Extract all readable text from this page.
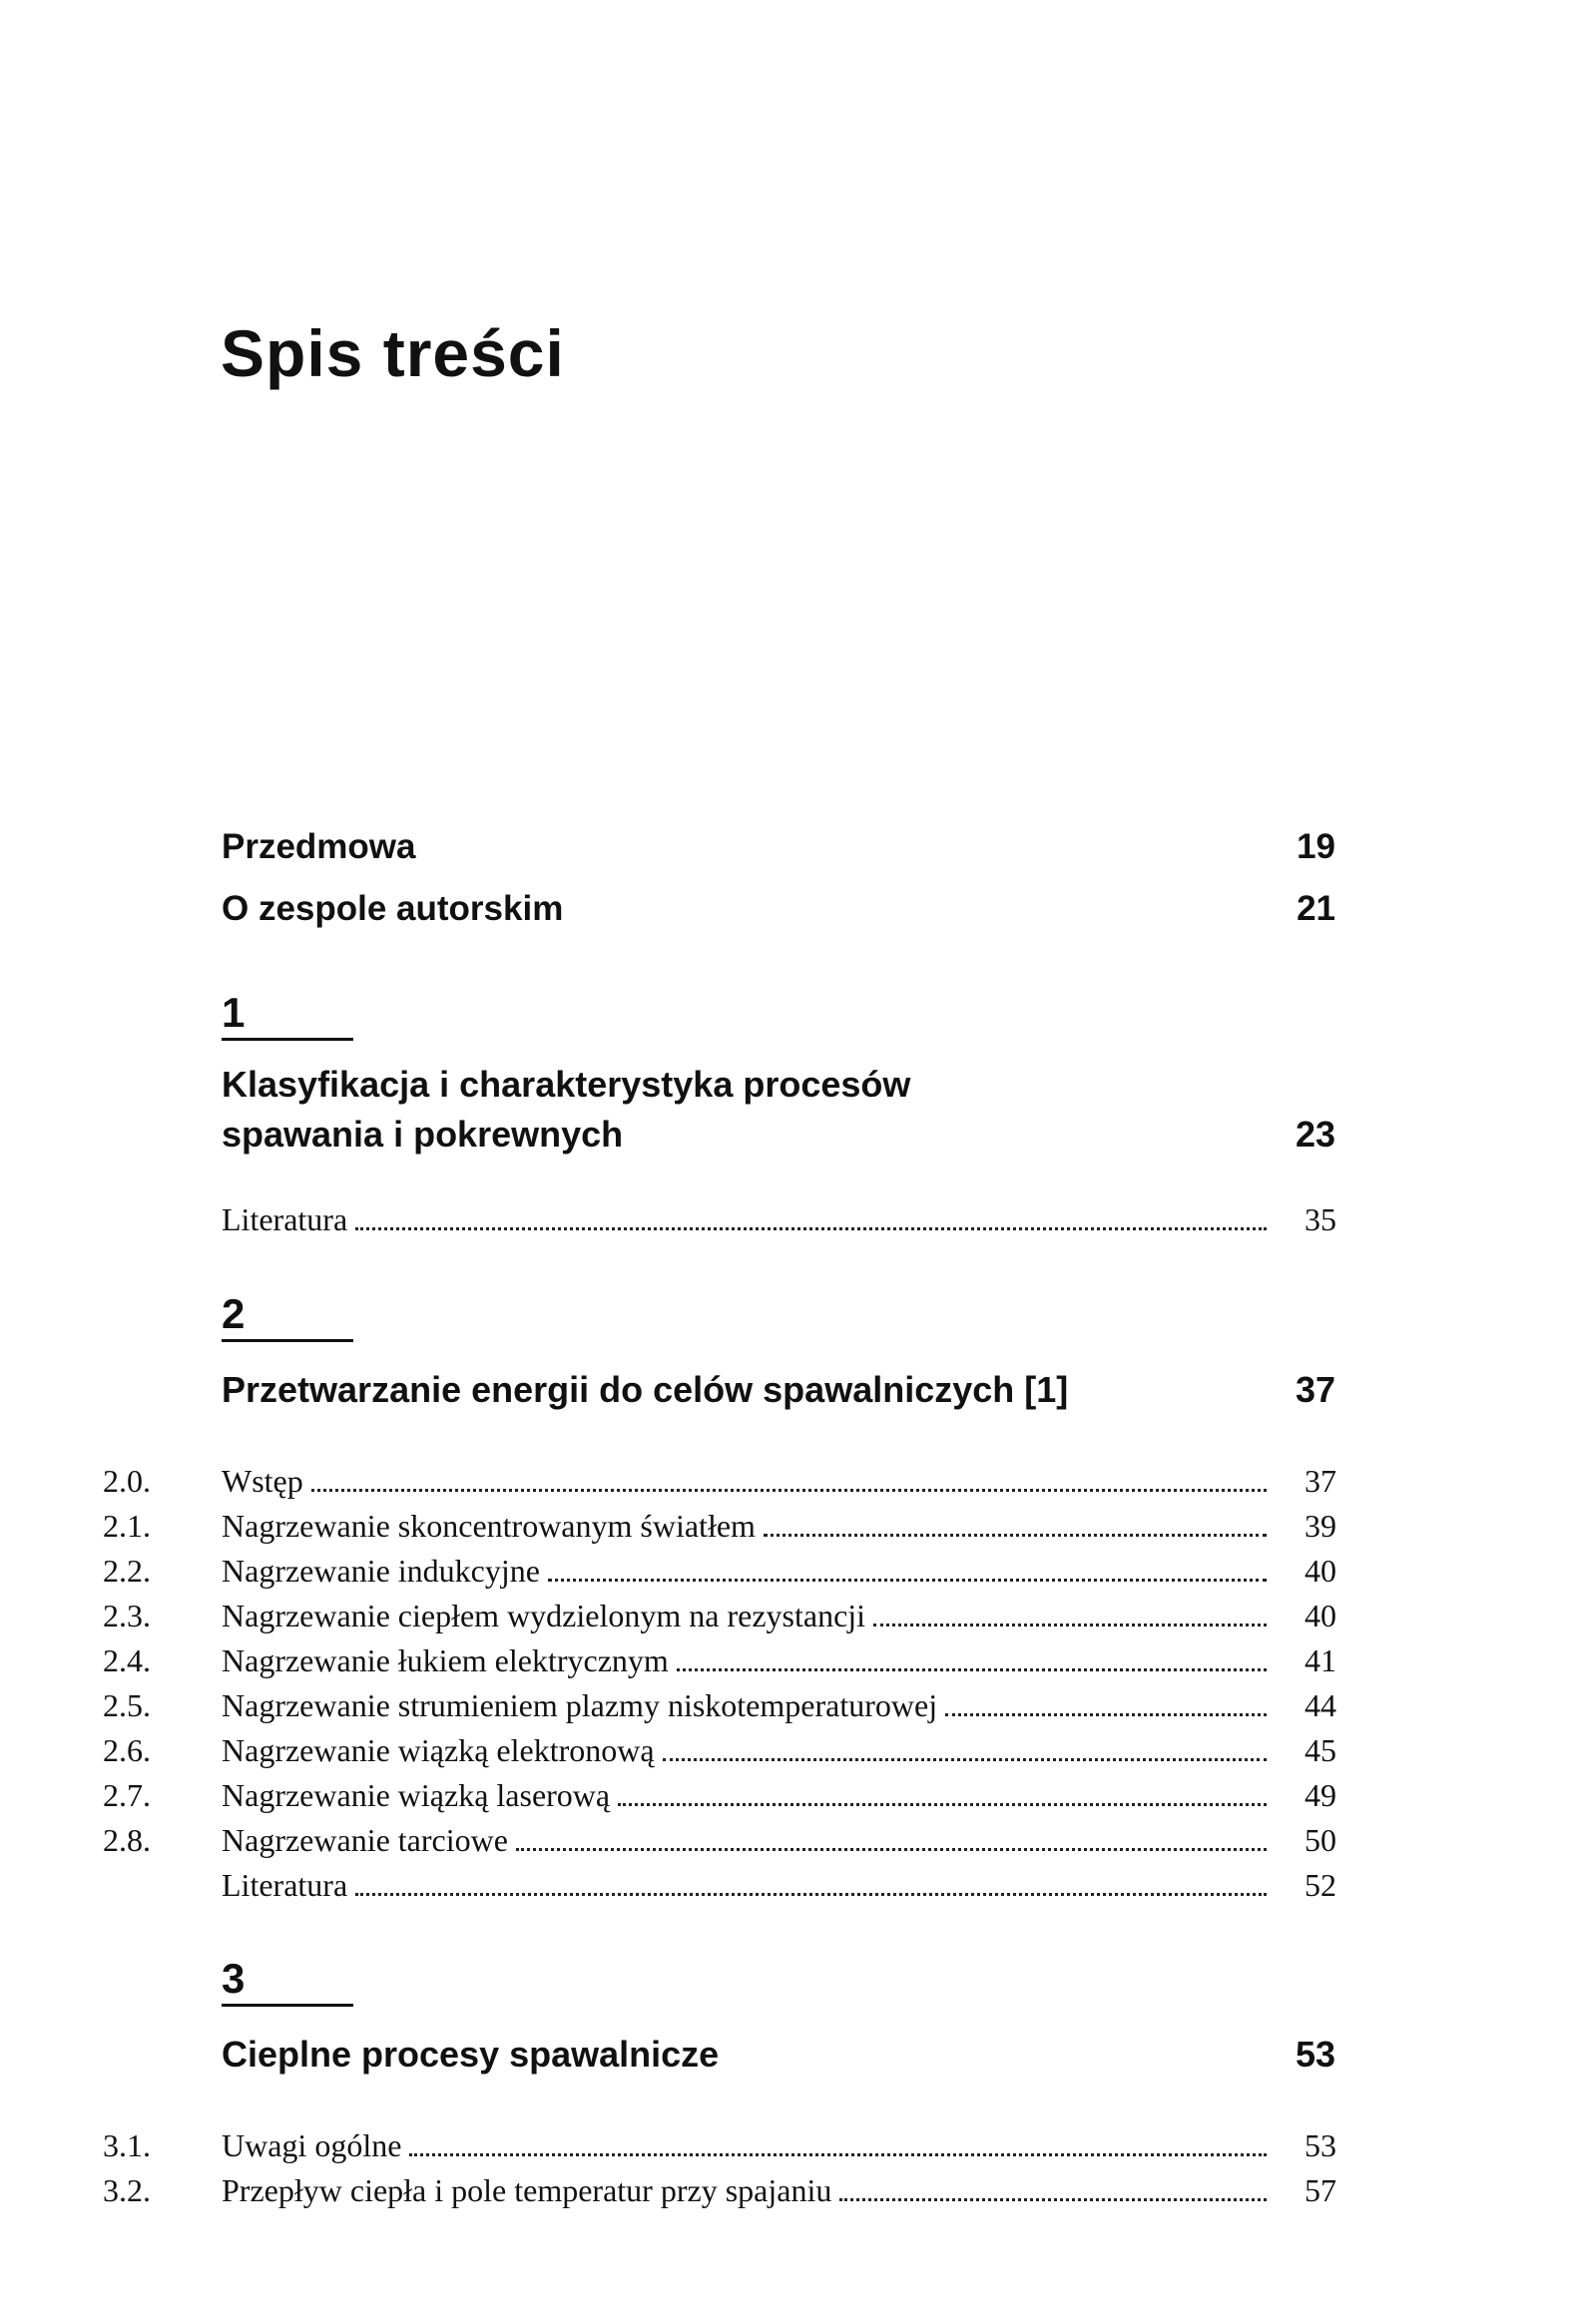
Spis treści
Przedmowa	19
O zespole autorskim	21
1
Klasyfikacja i charakterystyka procesów
spawania i pokrewnych	23
Literatura	35
2
Przetwarzanie energii do celów spawalniczych [1]	37
2.0.	Wstęp	37
2.1.	Nagrzewanie skoncentrowanym światłem	39
2.2.	Nagrzewanie indukcyjne	40
2.3.	Nagrzewanie ciepłem wydzielonym na rezystancji	40
2.4.	Nagrzewanie łukiem elektrycznym	41
2.5.	Nagrzewanie strumieniem plazmy niskotemperaturowej	44
2.6.	Nagrzewanie wiązką elektronową	45
2.7.	Nagrzewanie wiązką laserową	49
2.8.	Nagrzewanie tarciowe	50
Literatura	52
3
Cieplne procesy spawalnicze	53
3.1.	Uwagi ogólne	53
3.2.	Przepływ ciepła i pole temperatur przy spajaniu	57
